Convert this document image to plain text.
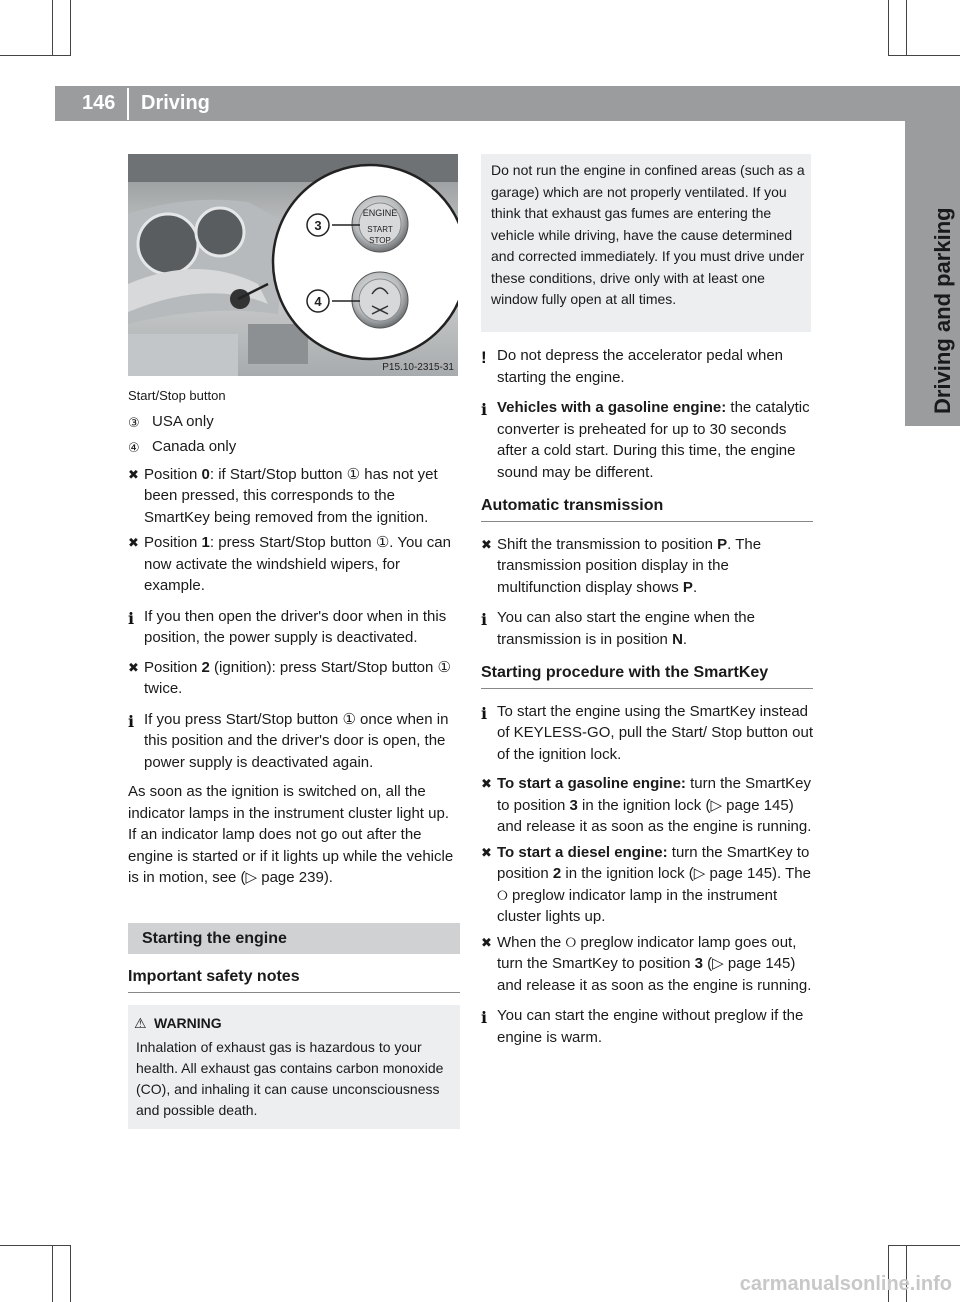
146 Driving
Driving and parking
ENGINE
START
STOP
3
4
P15.10-2315-31
Start/Stop button
③ USA only
④ Canada only
✖ Position 0: if Start/Stop button ① has not yet been pressed, this corresponds to the SmartKey being removed from the ignition.
✖ Position 1: press Start/Stop button ①. You can now activate the windshield wipers, for example.
i If you then open the driver's door when in this position, the power supply is deactivated.
✖ Position 2 (ignition): press Start/Stop button ① twice.
i If you press Start/Stop button ① once when in this position and the driver's door is open, the power supply is deactivated again.
As soon as the ignition is switched on, all the indicator lamps in the instrument cluster light up. If an indicator lamp does not go out after the engine is started or if it lights up while the vehicle is in motion, see (▷ page 239).
Starting the engine
Important safety notes
⚠ WARNING
Inhalation of exhaust gas is hazardous to your health. All exhaust gas contains carbon monoxide (CO), and inhaling it can cause unconsciousness and possible death.
Do not run the engine in confined areas (such as a garage) which are not properly ventilated. If you think that exhaust gas fumes are entering the vehicle while driving, have the cause determined and corrected immediately. If you must drive under these conditions, drive only with at least one window fully open at all times.
! Do not depress the accelerator pedal when starting the engine.
i Vehicles with a gasoline engine: the catalytic converter is preheated for up to 30 seconds after a cold start. During this time, the engine sound may be different.
Automatic transmission
✖ Shift the transmission to position P. The transmission position display in the multifunction display shows P.
i You can also start the engine when the transmission is in position N.
Starting procedure with the SmartKey
i To start the engine using the SmartKey instead of KEYLESS-GO, pull the Start/ Stop button out of the ignition lock.
✖ To start a gasoline engine: turn the SmartKey to position 3 in the ignition lock (▷ page 145) and release it as soon as the engine is running.
✖ To start a diesel engine: turn the SmartKey to position 2 in the ignition lock (▷ page 145). The ୦ preglow indicator lamp in the instrument cluster lights up.
✖ When the ୦ preglow indicator lamp goes out, turn the SmartKey to position 3 (▷ page 145) and release it as soon as the engine is running.
i You can start the engine without preglow if the engine is warm.
carmanualsonline.info
